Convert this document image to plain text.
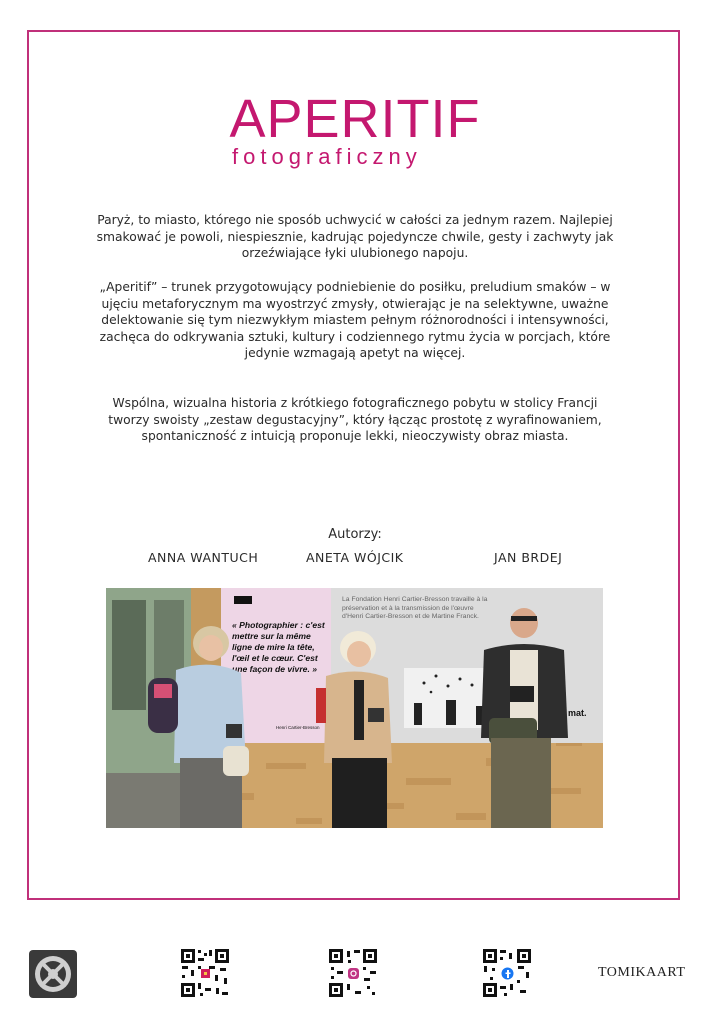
APERITIF
fotograficzny

Paryż, to miasto, którego nie sposób uchwycić w całości za jednym razem. Najlepiej smakować je powoli, niespiesznie, kadrując pojedyncze chwile, gesty i zachwyty jak orzeźwiające łyki ulubionego napoju.

„Aperitif” – trunek przygotowujący podniebienie do posiłku, preludium smaków – w ujęciu metaforycznym ma wyostrzyć zmysły, otwierając je na selektywne, uważne delektowanie się tym niezwykłym miastem pełnym różnorodności i intensywności, zachęca do odkrywania sztuki, kultury i codziennego rytmu życia w porcjach, które jedynie wzmagają apetyt na więcej.

Wspólna, wizualna historia z krótkiego fotograficznego pobytu w stolicy Francji tworzy swoisty „zestaw degustacyjny”, który łącząc prostotę z wyrafinowaniem, spontaniczność z intuicją proponuje lekki, nieoczywisty obraz miasta.

Autorzy:
ANNA WANTUCH	ANETA WÓJCIK	JAN BRDEJ
« Photographier : c'est mettre sur la même ligne de mire la tête, l'œil et le cœur. C'est une façon de vivre. »
Henri Cartier-Bresson
La Fondation Henri Cartier-Bresson travaille à la préservation et à la transmission de l'œuvre d'Henri Cartier-Bresson et de Martine Franck.
mat.
TOMIKAART
